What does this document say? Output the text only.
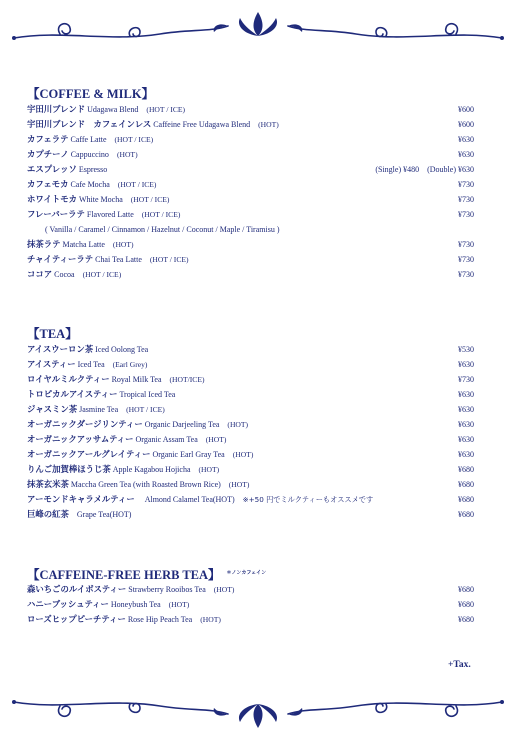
【COFFEE & MILK】
宇田川ブレンド Udagawa Blend (HOT / ICE)	¥600
宇田川ブレンド　カフェインレス Caffeine Free Udagawa Blend (HOT)	¥600
カフェラテ Caffe Latte (HOT / ICE)	¥630
カプチーノ Cappuccino (HOT)	¥630
エスプレッソ Espresso	(Single) ¥480　(Double) ¥630
カフェモカ Cafe Mocha (HOT / ICE)	¥730
ホワイトモカ White Mocha (HOT / ICE)	¥730
フレーバーラテ Flavored Latte (HOT / ICE)	¥730
( Vanilla / Caramel / Cinnamon / Hazelnut / Coconut / Maple / Tiramisu )
抹茶ラテ Matcha Latte (HOT)	¥730
チャイティーラテ Chai Tea Latte (HOT / ICE)	¥730
ココア Cocoa (HOT / ICE)	¥730
【TEA】
アイスウーロン茶 Iced Oolong Tea	¥530
アイスティー Iced Tea (Earl Grey)	¥630
ロイヤルミルクティー Royal Milk Tea (HOT/ICE)	¥730
トロピカルアイスティー Tropical Iced Tea	¥630
ジャスミン茶 Jasmine Tea (HOT / ICE)	¥630
オーガニックダージリンティー Organic Darjeeling Tea (HOT)	¥630
オーガニックアッサムティー Organic Assam Tea (HOT)	¥630
オーガニックアールグレイティー Organic Earl Gray Tea (HOT)	¥630
りんご加賀棒ほうじ茶 Apple Kagabou Hojicha (HOT)	¥680
抹茶玄米茶 Maccha Green Tea (with Roasted Brown Rice) (HOT)	¥680
アーモンドキャラメルティー Almond Calamel Tea(HOT) ※+50 円でミルクティーもオススメです	¥680
巨峰の紅茶 Grape Tea(HOT)	¥680
【CAFFEINE-FREE HERB TEA】 $^{*ノンカフェイン}$
森いちごのルイボスティー Strawberry Rooibos Tea (HOT)	¥680
ハニーブッシュティー Honeybush Tea (HOT)	¥680
ローズヒップピーチティー Rose Hip Peach Tea (HOT)	¥680
+Tax.
